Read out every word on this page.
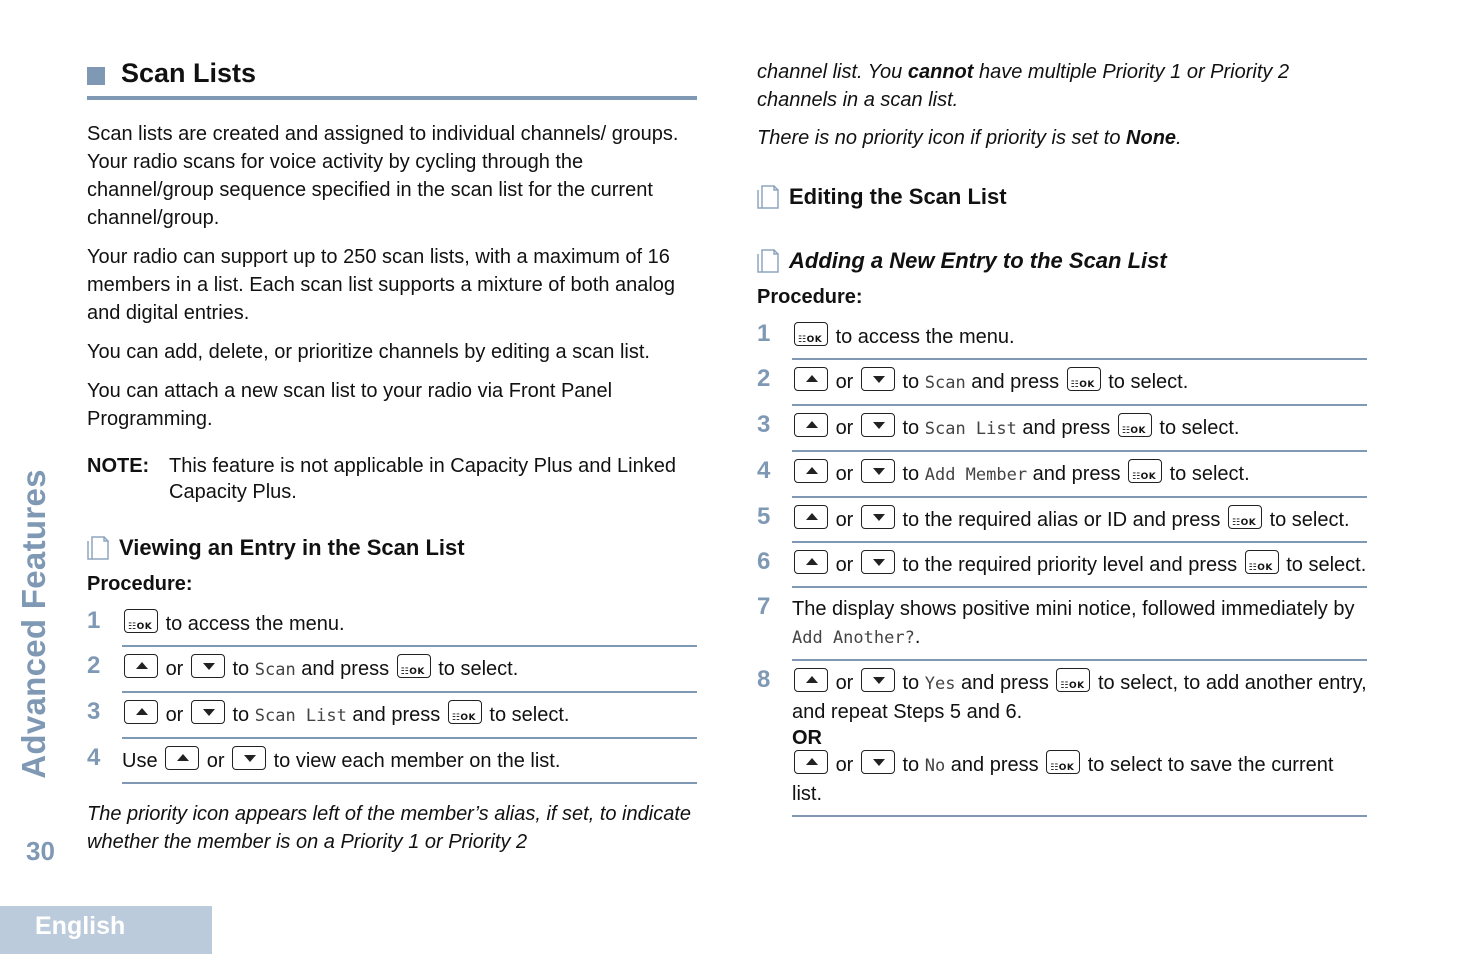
Advanced Features
30
English
Scan Lists

Scan lists are created and assigned to individual channels/ groups. Your radio scans for voice activity by cycling through the channel/group sequence specified in the scan list for the current channel/group.

Your radio can support up to 250 scan lists, with a maximum of 16 members in a list. Each scan list supports a mixture of both analog and digital entries.

You can add, delete, or prioritize channels by editing a scan list.

You can attach a new scan list to your radio via Front Panel Programming.

NOTE: This feature is not applicable in Capacity Plus and Linked Capacity Plus.
Viewing an Entry in the Scan List
Procedure:
1 ☷OK	to access the menu.
2	or to Scan and press ☷OK to select.
3	or to Scan List and press ☷OK to select.
4	Use or to view each member on the list.

The priority icon appears left of the member’s alias, if set, to indicate whether the member is on a Priority 1 or Priority 2

channel list. You cannot have multiple Priority 1 or Priority 2 channels in a scan list.

There is no priority icon if priority is set to None.

Editing the Scan List
Adding a New Entry to the Scan List
Procedure:
1 ☷OK	to access the menu.
2	or to Scan and press ☷OK to select.
3	or to Scan List and press ☷OK to select.
4	or to Add Member and press ☷OK to select.
5	or to the required alias or ID and press ☷OK to select.
6	or to the required priority level and press ☷OK to select.
7	The display shows positive mini notice, followed immediately by Add Another?.
8	or to Yes and press ☷OK to select, to add another entry, and repeat Steps 5 and 6.
OR
or to No and press ☷OK to select to save the current list.
